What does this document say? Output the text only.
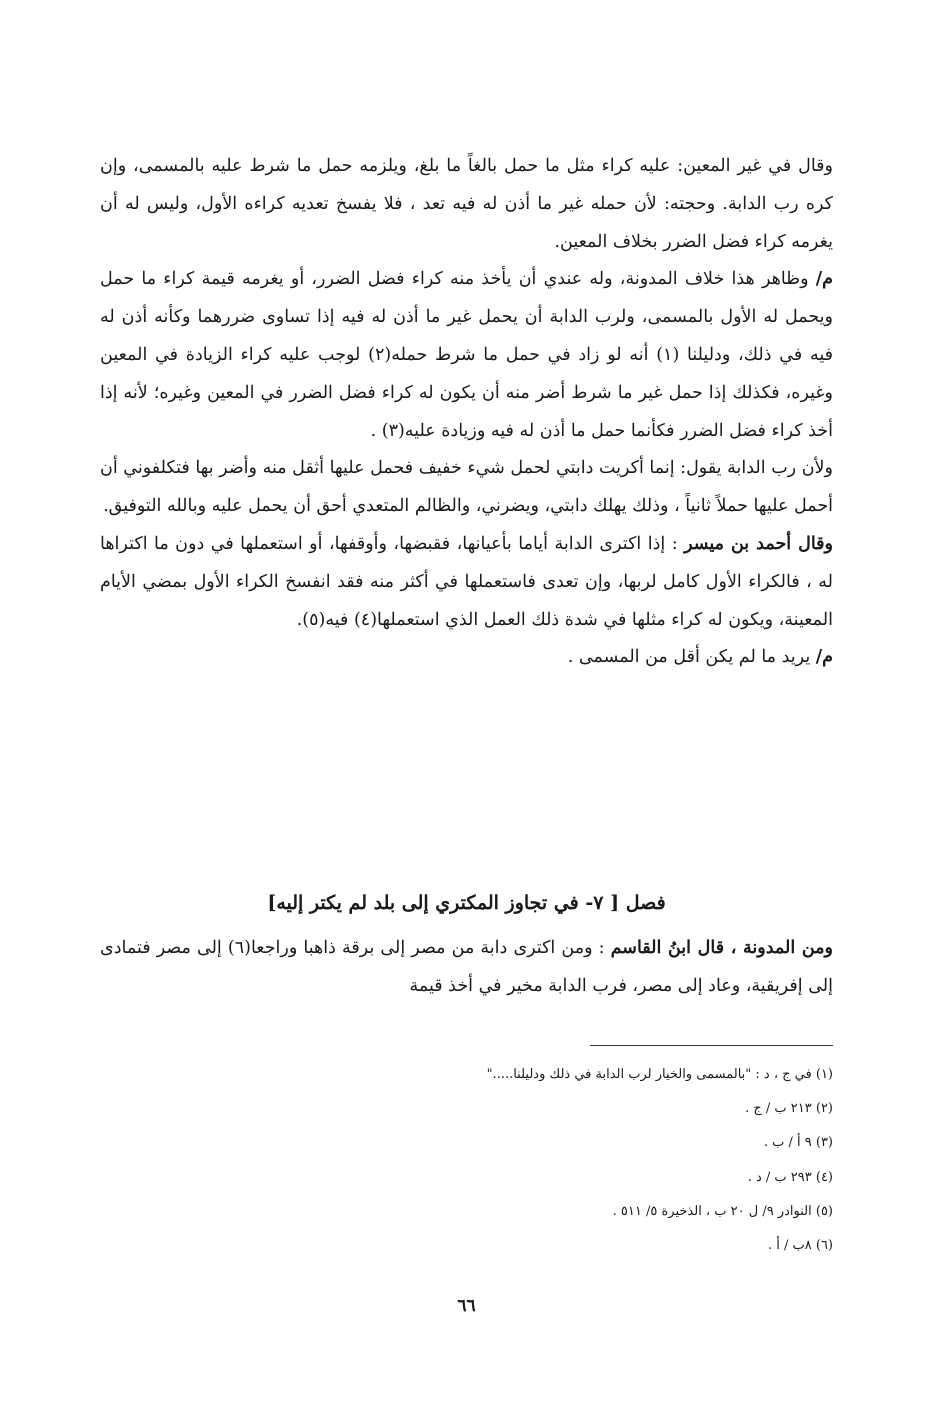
وقال في غير المعين: عليه كراء مثل ما حمل بالغاً ما بلغ، ويلزمه حمل ما شرط عليه بالمسمى، وإن كره رب الدابة. وحجته: لأن حمله غير ما أذن له فيه تعد ، فلا يفسخ تعديه كراءه الأول، وليس له أن يغرمه كراء فضل الضرر بخلاف المعين.

م/ وظاهر هذا خلاف المدونة، وله عندي أن يأخذ منه كراء فضل الضرر، أو يغرمه قيمة كراء ما حمل ويحمل له الأول بالمسمى، ولرب الدابة أن يحمل غير ما أذن له فيه إذا تساوى ضررهما وكأنه أذن له فيه في ذلك، ودليلنا (١) أنه لو زاد في حمل ما شرط حمله(٢) لوجب عليه كراء الزيادة في المعين وغيره، فكذلك إذا حمل غير ما شرط أضر منه أن يكون له كراء فضل الضرر في المعين وغيره؛ لأنه إذا أخذ كراء فضل الضرر فكأنما حمل ما أذن له فيه وزيادة عليه(٣) .

ولأن رب الدابة يقول: إنما أكريت دابتي لحمل شيء خفيف فحمل عليها أثقل منه وأضر بها فتكلفوني أن أحمل عليها حملاً ثانياً ، وذلك يهلك دابتي، ويضرني، والظالم المتعدي أحق أن يحمل عليه وبالله التوفيق.

وقال أحمد بن ميسر : إذا اكترى الدابة أياما بأعيانها، فقبضها، وأوقفها، أو استعملها في دون ما اكتراها له ، فالكراء الأول كامل لربها، وإن تعدى فاستعملها في أكثر منه فقد انفسخ الكراء الأول بمضي الأيام المعينة، ويكون له كراء مثلها في شدة ذلك العمل الذي استعملها(٤) فيه(٥).

م/ يريد ما لم يكن أقل من المسمى .

فصل [ ٧- في تجاوز المكتري إلى بلد لم يكتر إليه]

ومن المدونة ، قال ابنُ القاسم : ومن اكترى دابة من مصر إلى برقة ذاهبا وراجعا(٦) إلى مصر فتمادى إلى إفريقية، وعاد إلى مصر، فرب الدابة مخير في أخذ قيمة

(١) في ج ، د : "بالمسمى والخيار لرب الدابة في ذلك ودليلنا....."
(٢) ٢١٣ ب / ج .
(٣) ٩ أ / ب .
(٤) ٢٩٣ ب / د .
(٥) النوادر ٩/ ل ٢٠ ب ، الذخيرة ٥/ ٥١١ .
(٦) ٨ب / أ .
٦٦
